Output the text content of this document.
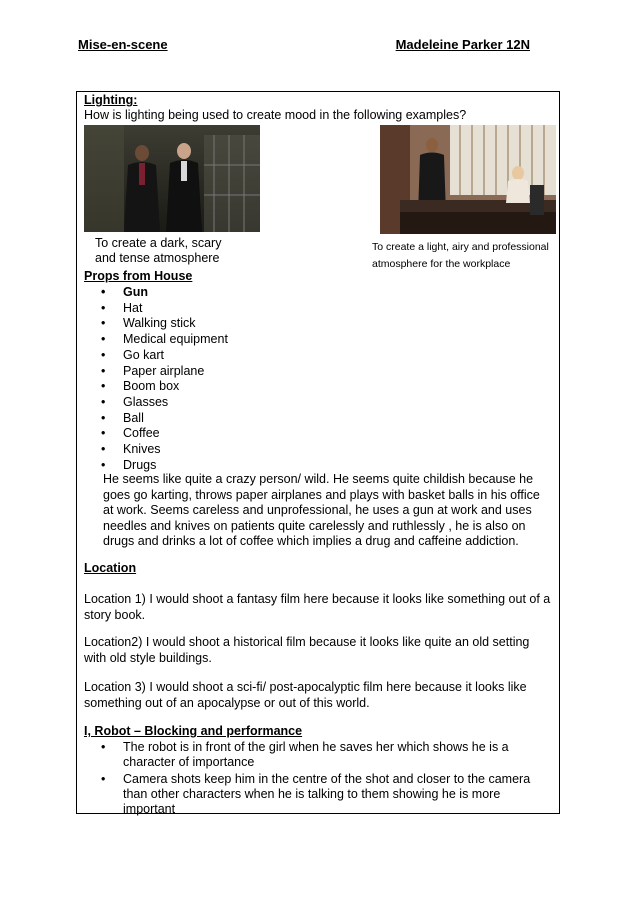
Mise-en-scene	Madeleine Parker 12N
Lighting:
How is lighting being used to create mood in the following examples?
To create a dark, scary
and tense atmosphere
To create a light, airy and professional
atmosphere for the workplace
Props from House
• Gun
• Hat
• Walking stick
• Medical equipment
• Go kart
• Paper airplane
• Boom box
• Glasses
• Ball
• Coffee
• Knives
• Drugs
He seems like quite a crazy person/ wild. He seems quite childish because he goes go karting, throws paper airplanes and plays with basket balls in his office at work. Seems careless and unprofessional, he uses a gun at work and uses needles and knives on patients quite carelessly and ruthlessly , he is also on drugs and drinks a lot of coffee which implies a drug and caffeine addiction.
Location
Location 1) I would shoot a fantasy film here because it looks like something out of a story book.
Location2) I would shoot a historical film because it looks like quite an old setting with old style buildings.
Location 3) I would shoot a sci-fi/ post-apocalyptic film here because it looks like something out of an apocalypse or out of this world.
I, Robot – Blocking and performance
• The robot is in front of the girl when he saves her which shows he is a character of importance
• Camera shots keep him in the centre of the shot and closer to the camera than other characters when he is talking to them showing he is more important
